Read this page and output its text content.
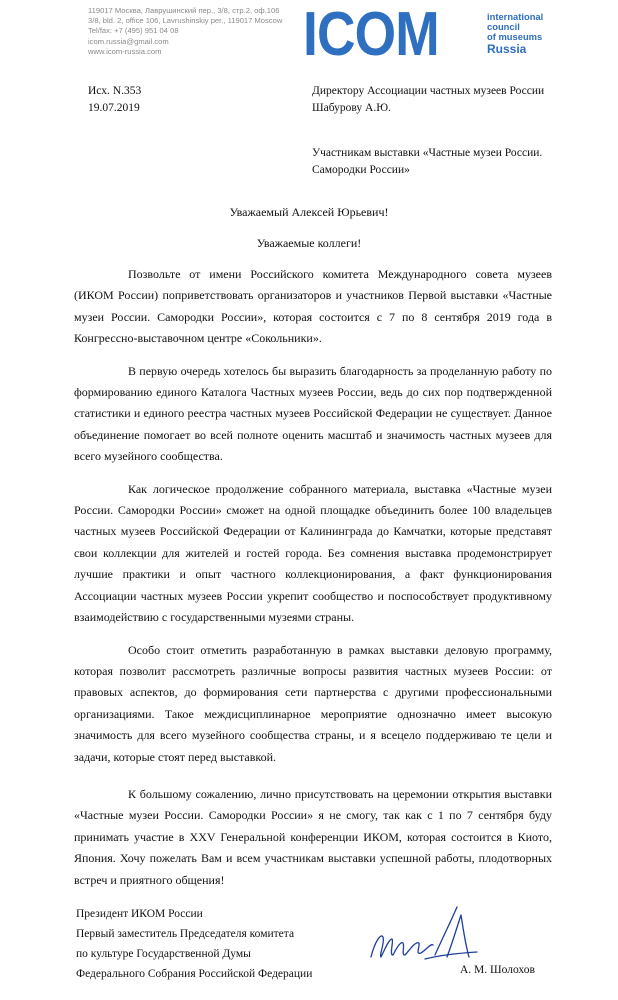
119017 Москва, Лаврушинский пер., 3/8, стр.2, оф.106
3/8, bld. 2, office 106, Lavrushinskiy per., 119017 Moscow
Tel/fax: +7 (495) 951 04 08
icom.russia@gmail.com
www.icom-russia.com	ICOM	international
council
of museums
Russia
Исх. N.353
19.07.2019
Директору Ассоциации частных музеев России
Шабурову А.Ю.
Участникам выставки «Частные музеи России.
Самородки России»
Уважаемый Алексей Юрьевич!
Уважаемые коллеги!

Позвольте от имени Российского комитета Международного совета музеев (ИКОМ России) поприветствовать организаторов и участников Первой выставки «Частные музеи России. Самородки России», которая состоится с 7 по 8 сентября 2019 года в Конгрессно-выставочном центре «Сокольники».

В первую очередь хотелось бы выразить благодарность за проделанную работу по формированию единого Каталога Частных музеев России, ведь до сих пор подтвержденной статистики и единого реестра частных музеев Российской Федерации не существует. Данное объединение помогает во всей полноте оценить масштаб и значимость частных музеев для всего музейного сообщества.

Как логическое продолжение собранного материала, выставка «Частные музеи России. Самородки России» сможет на одной площадке объединить более 100 владельцев частных музеев Российской Федерации от Калининграда до Камчатки, которые представят свои коллекции для жителей и гостей города. Без сомнения выставка продемонстрирует лучшие практики и опыт частного коллекционирования, а факт функционирования Ассоциации частных музеев России укрепит сообщество и поспособствует продуктивному взаимодействию с государственными музеями страны.

Особо стоит отметить разработанную в рамках выставки деловую программу, которая позволит рассмотреть различные вопросы развития частных музеев России: от правовых аспектов, до формирования сети партнерства с другими профессиональными организациями. Такое междисциплинарное мероприятие однозначно имеет высокую значимость для всего музейного сообщества страны, и я всецело поддерживаю те цели и задачи, которые стоят перед выставкой.

К большому сожалению, лично присутствовать на церемонии открытия выставки «Частные музеи России. Самородки России» я не смогу, так как с 1 по 7 сентября буду принимать участие в XXV Генеральной конференции ИКОМ, которая состоится в Киото, Япония. Хочу пожелать Вам и всем участникам выставки успешной работы, плодотворных встреч и приятного общения!

Президент ИКОМ России
Первый заместитель Председателя комитета
по культуре Государственной Думы
Федерального Собрания Российской Федерации	А. М. Шолохов
